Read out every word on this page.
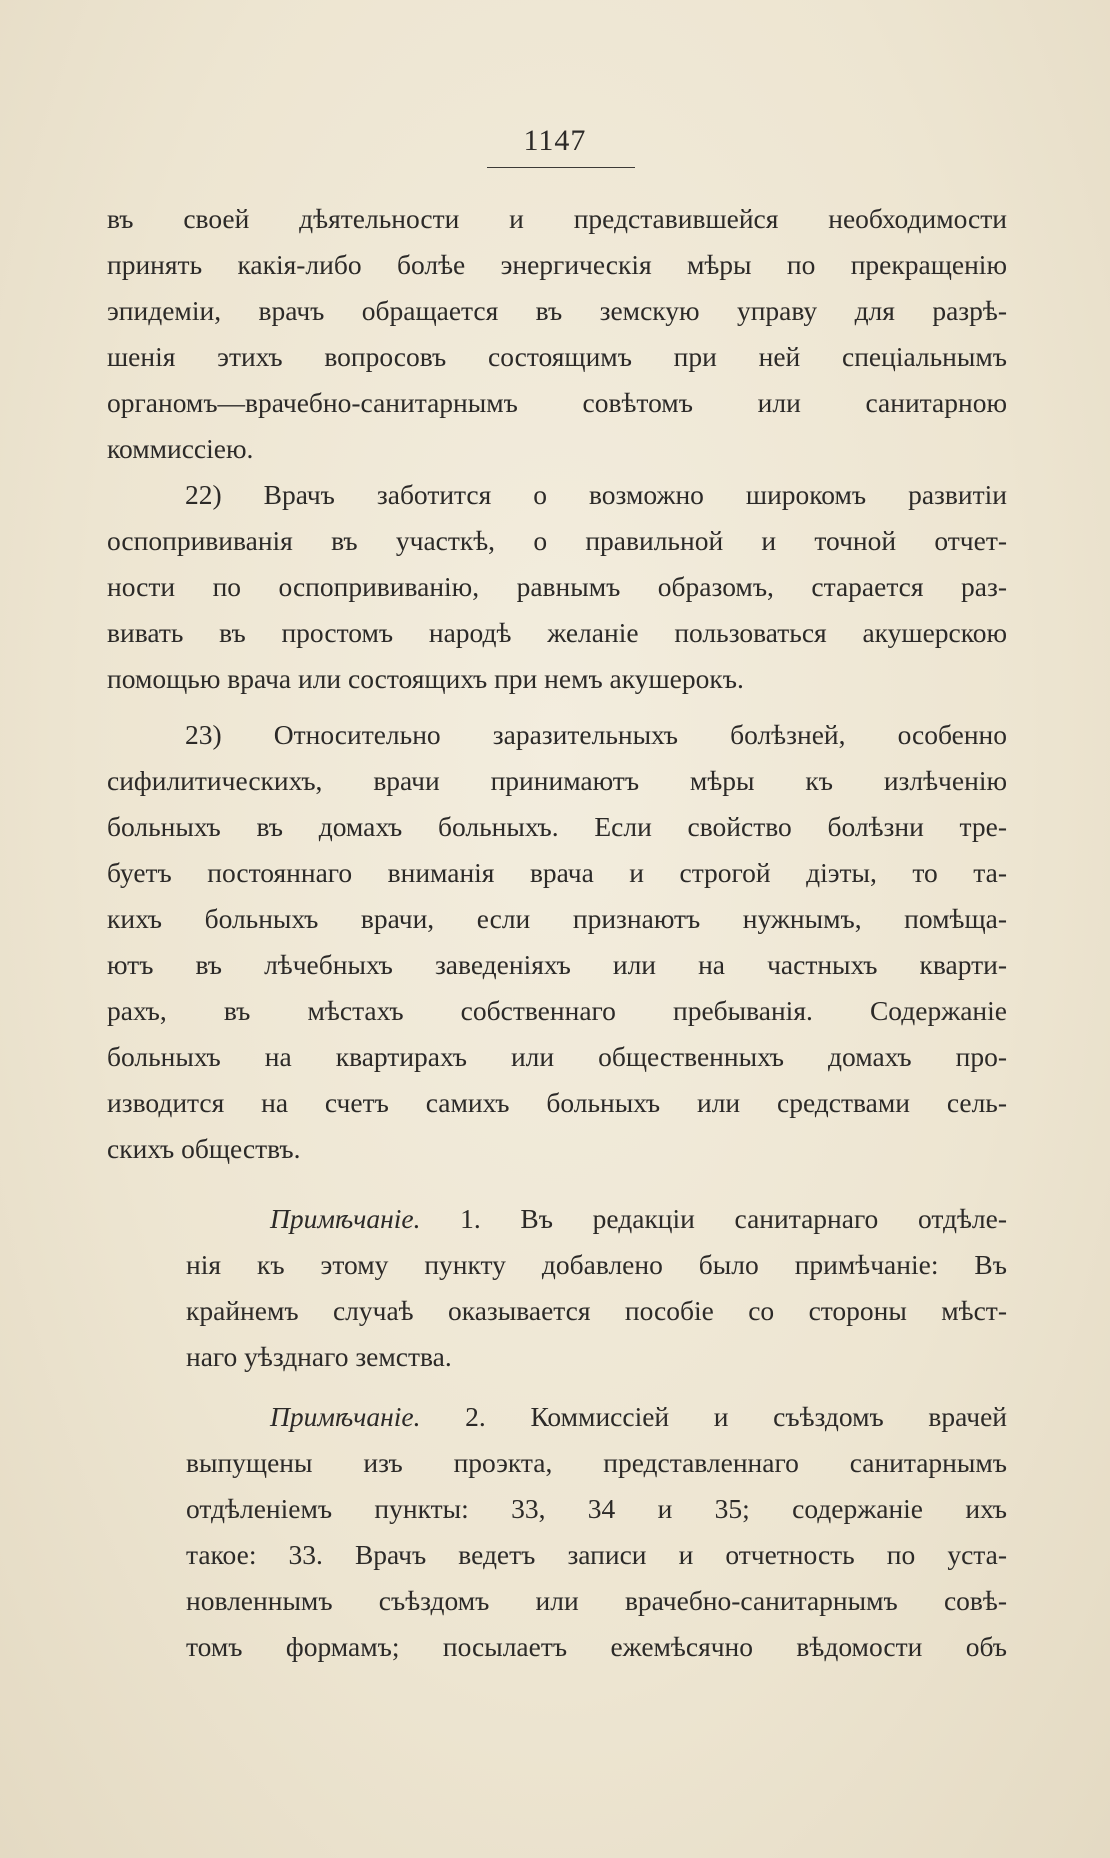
1147
въ своей дѣятельности и представившейся необходимости
принять какія-либо болѣе энергическія мѣры по прекращенію
эпидеміи, врачъ обращается въ земскую управу для разрѣ-
шенія этихъ вопросовъ состоящимъ при ней спеціальнымъ
органомъ—врачебно-санитарнымъ совѣтомъ или санитарною
коммиссіею.
22) Врачъ заботится о возможно широкомъ развитіи
оспопрививанія въ участкѣ, о правильной и точной отчет-
ности по оспопрививанію, равнымъ образомъ, старается раз-
вивать въ простомъ народѣ желаніе пользоваться акушерскою
помощью врача или состоящихъ при немъ акушерокъ.
23) Относительно заразительныхъ болѣзней, особенно
сифилитическихъ, врачи принимаютъ мѣры къ излѣченію
больныхъ въ домахъ больныхъ. Если свойство болѣзни тре-
буетъ постояннаго вниманія врача и строгой діэты, то та-
кихъ больныхъ врачи, если признаютъ нужнымъ, помѣща-
ютъ въ лѣчебныхъ заведеніяхъ или на частныхъ кварти-
рахъ, въ мѣстахъ собственнаго пребыванія. Содержаніе
больныхъ на квартирахъ или общественныхъ домахъ про-
изводится на счетъ самихъ больныхъ или средствами сель-
скихъ обществъ.
Примѣчаніе. 1. Въ редакціи санитарнаго отдѣле-
нія къ этому пункту добавлено было примѣчаніе: Въ
крайнемъ случаѣ оказывается пособіе со стороны мѣст-
наго уѣзднаго земства.
Примѣчаніе. 2. Коммиссіей и съѣздомъ врачей
выпущены изъ проэкта, представленнаго санитарнымъ
отдѣленіемъ пункты: 33, 34 и 35; содержаніе ихъ
такое: 33. Врачъ ведетъ записи и отчетность по уста-
новленнымъ съѣздомъ или врачебно-санитарнымъ совѣ-
томъ формамъ; посылаетъ ежемѣсячно вѣдомости объ
